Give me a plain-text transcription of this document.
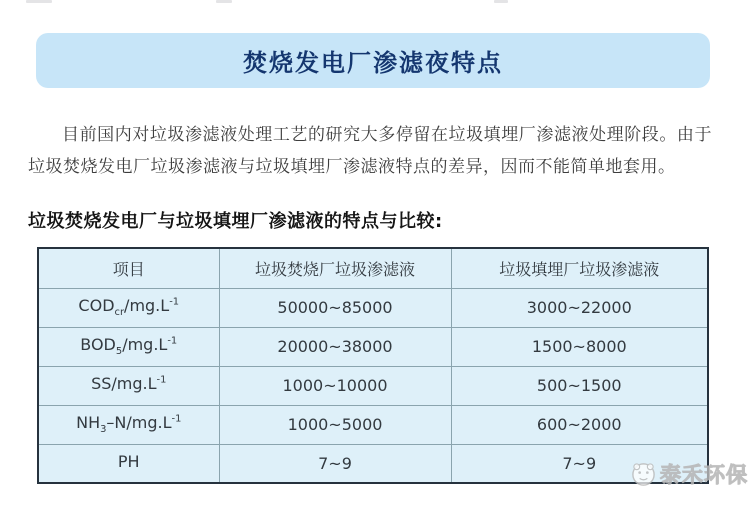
焚烧发电厂渗滤夜特点

目前国内对垃圾渗滤液处理工艺的研究大多停留在垃圾填埋厂渗滤液处理阶段。由于垃圾焚烧发电厂垃圾渗滤液与垃圾填埋厂渗滤液特点的差异，因而不能简单地套用。

垃圾焚烧发电厂与垃圾填埋厂渗滤液的特点与比较:
项目	垃圾焚烧厂垃圾渗滤液	垃圾填埋厂垃圾渗滤液
$COD_{cr}/mg.L^{-1}$	50000~85000	3000~22000
$BOD_5/mg.L^{-1}$	20000~38000	1500~8000
$SS/mg.L^{-1}$	1000~10000	500~1500
$NH_3-N/mg.L^{-1}$	1000~5000	600~2000
PH	7~9	7~9	泰禾环保
